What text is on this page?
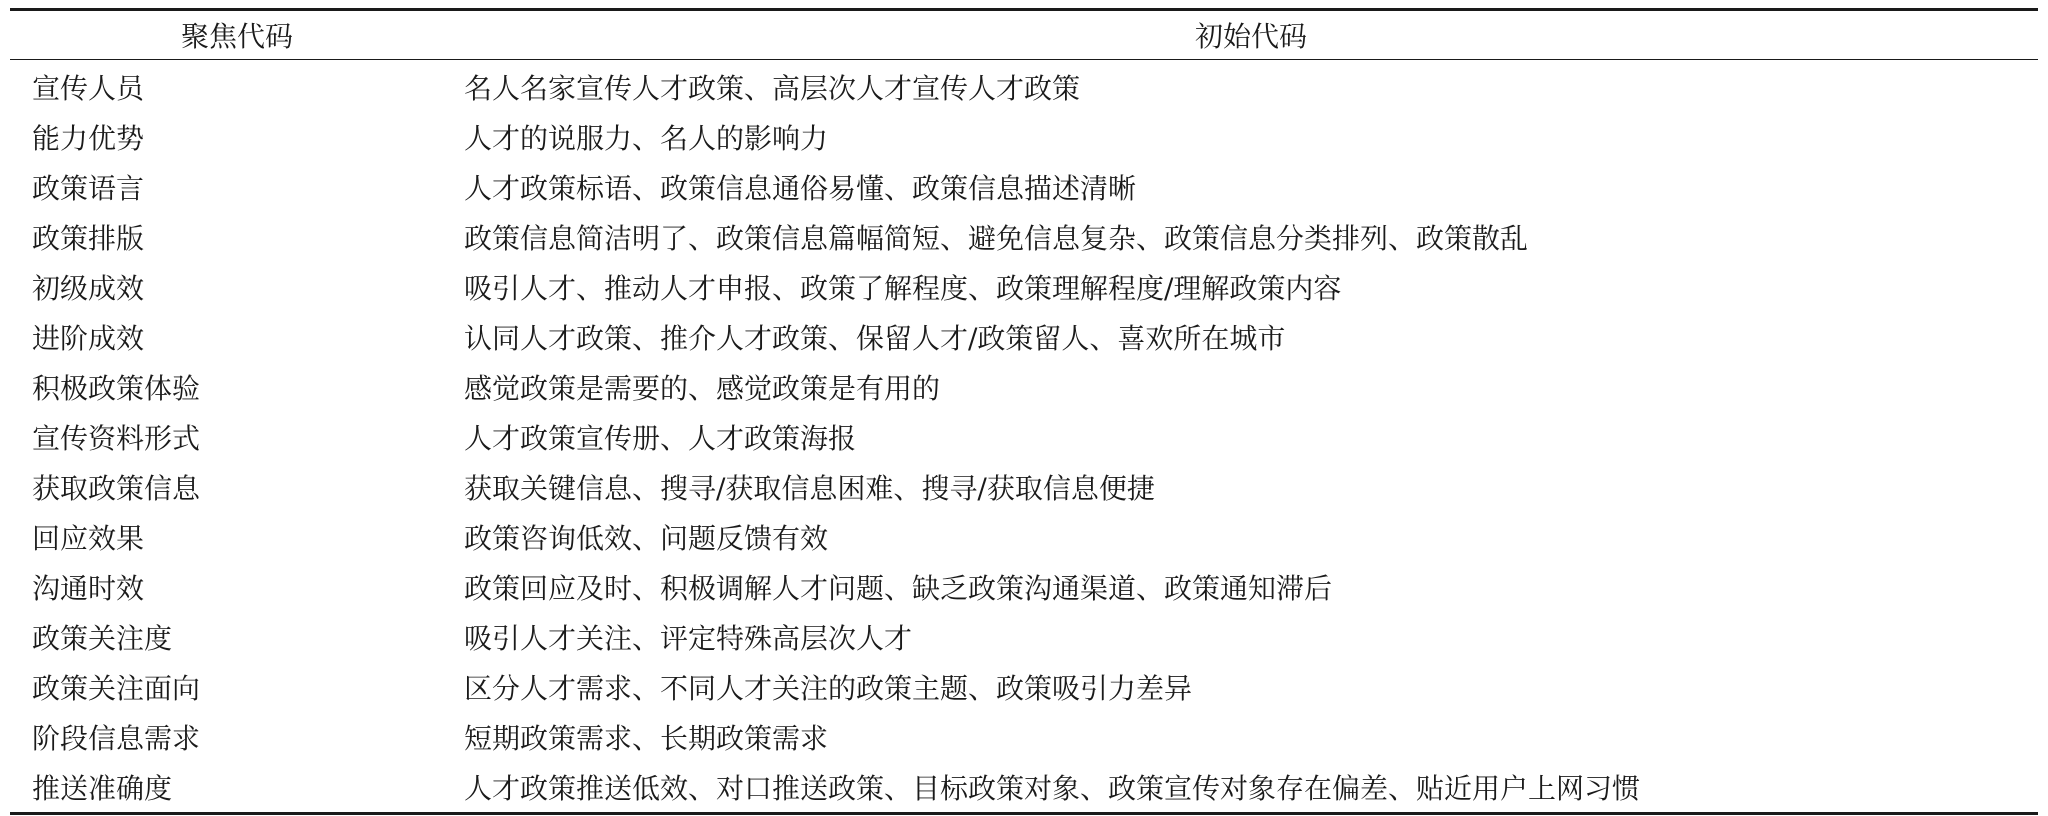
聚焦代码	初始代码
宣传人员	名人名家宣传人才政策、高层次人才宣传人才政策
能力优势	人才的说服力、名人的影响力
政策语言	人才政策标语、政策信息通俗易懂、政策信息描述清晰
政策排版	政策信息简洁明了、政策信息篇幅简短、避免信息复杂、政策信息分类排列、政策散乱
初级成效	吸引人才、推动人才申报、政策了解程度、政策理解程度/理解政策内容
进阶成效	认同人才政策、推介人才政策、保留人才/政策留人、喜欢所在城市
积极政策体验	感觉政策是需要的、感觉政策是有用的
宣传资料形式	人才政策宣传册、人才政策海报
获取政策信息	获取关键信息、搜寻/获取信息困难、搜寻/获取信息便捷
回应效果	政策咨询低效、问题反馈有效
沟通时效	政策回应及时、积极调解人才问题、缺乏政策沟通渠道、政策通知滞后
政策关注度	吸引人才关注、评定特殊高层次人才
政策关注面向	区分人才需求、不同人才关注的政策主题、政策吸引力差异
阶段信息需求	短期政策需求、长期政策需求
推送准确度	人才政策推送低效、对口推送政策、目标政策对象、政策宣传对象存在偏差、贴近用户上网习惯
